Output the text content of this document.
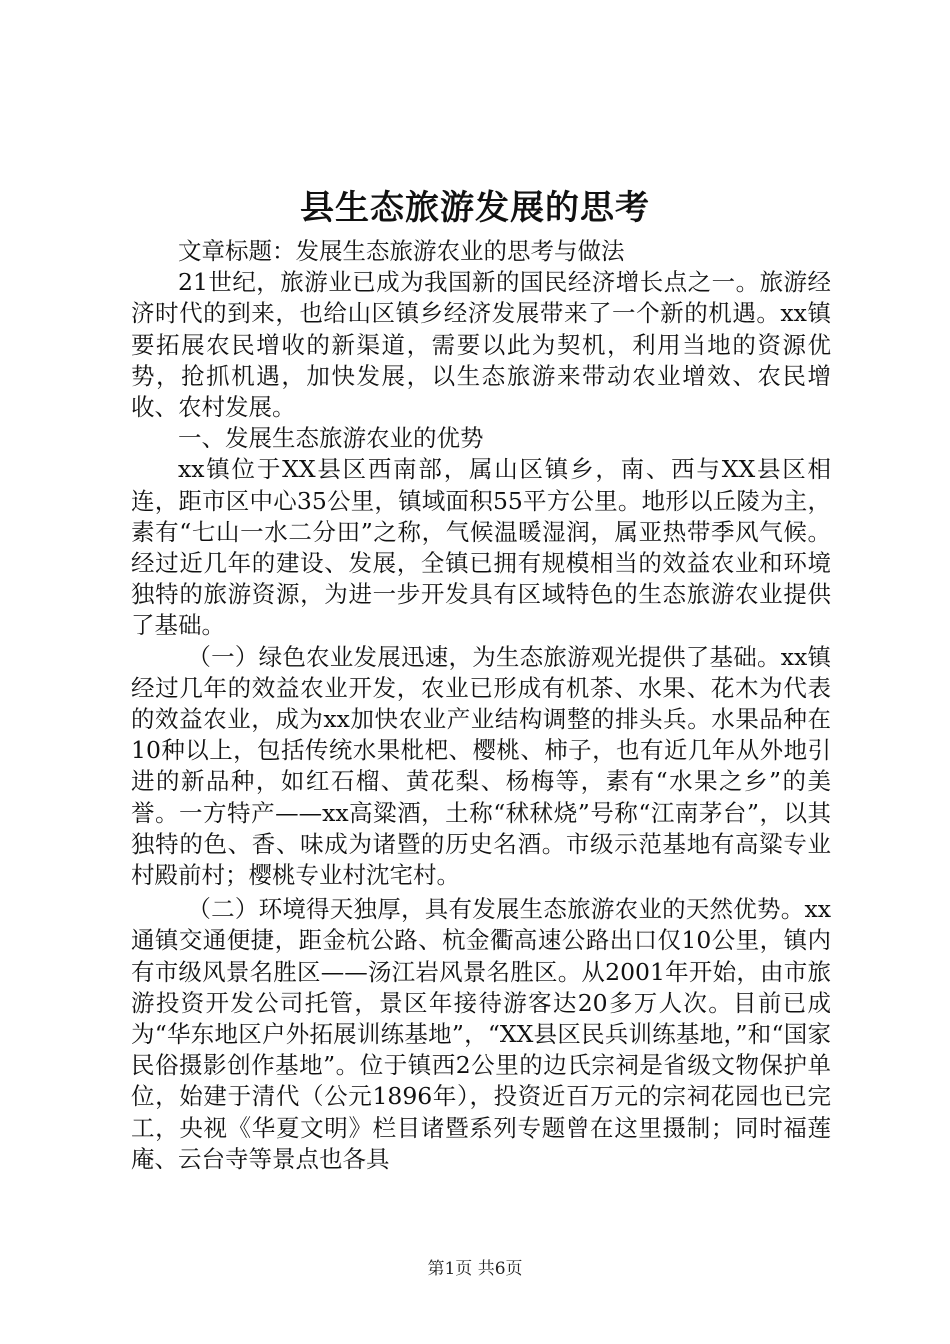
县生态旅游发展的思考

文章标题：发展生态旅游农业的思考与做法

21世纪，旅游业已成为我国新的国民经济增长点之一。旅游经济时代的到来，也给山区镇乡经济发展带来了一个新的机遇。xx镇要拓展农民增收的新渠道，需要以此为契机，利用当地的资源优势，抢抓机遇，加快发展，以生态旅游来带动农业增效、农民增收、农村发展。

一、发展生态旅游农业的优势

xx镇位于XX县区西南部，属山区镇乡，南、西与XX县区相连，距市区中心35公里，镇域面积55平方公里。地形以丘陵为主，素有“七山一水二分田”之称，气候温暖湿润，属亚热带季风气候。经过近几年的建设、发展，全镇已拥有规模相当的效益农业和环境独特的旅游资源，为进一步开发具有区域特色的生态旅游农业提供了基础。

（一）绿色农业发展迅速，为生态旅游观光提供了基础。xx镇经过几年的效益农业开发，农业已形成有机茶、水果、花木为代表的效益农业，成为xx加快农业产业结构调整的排头兵。水果品种在10种以上，包括传统水果枇杷、樱桃、柿子，也有近几年从外地引进的新品种，如红石榴、黄花梨、杨梅等，素有“水果之乡”的美誉。一方特产——xx高粱酒，土称“秫秫烧”号称“江南茅台”，以其独特的色、香、味成为诸暨的历史名酒。市级示范基地有高粱专业村殿前村；樱桃专业村沈宅村。

（二）环境得天独厚，具有发展生态旅游农业的天然优势。xx通镇交通便捷，距金杭公路、杭金衢高速公路出口仅10公里，镇内有市级风景名胜区——汤江岩风景名胜区。从2001年开始，由市旅游投资开发公司托管，景区年接待游客达20多万人次。目前已成为“华东地区户外拓展训练基地”，“XX县区民兵训练基地，”和“国家民俗摄影创作基地”。位于镇西2公里的边氏宗祠是省级文物保护单位，始建于清代（公元1896年），投资近百万元的宗祠花园也已完工，央视《华夏文明》栏目诸暨系列专题曾在这里摄制；同时福莲庵、云台寺等景点也各具

第1页 共6页
